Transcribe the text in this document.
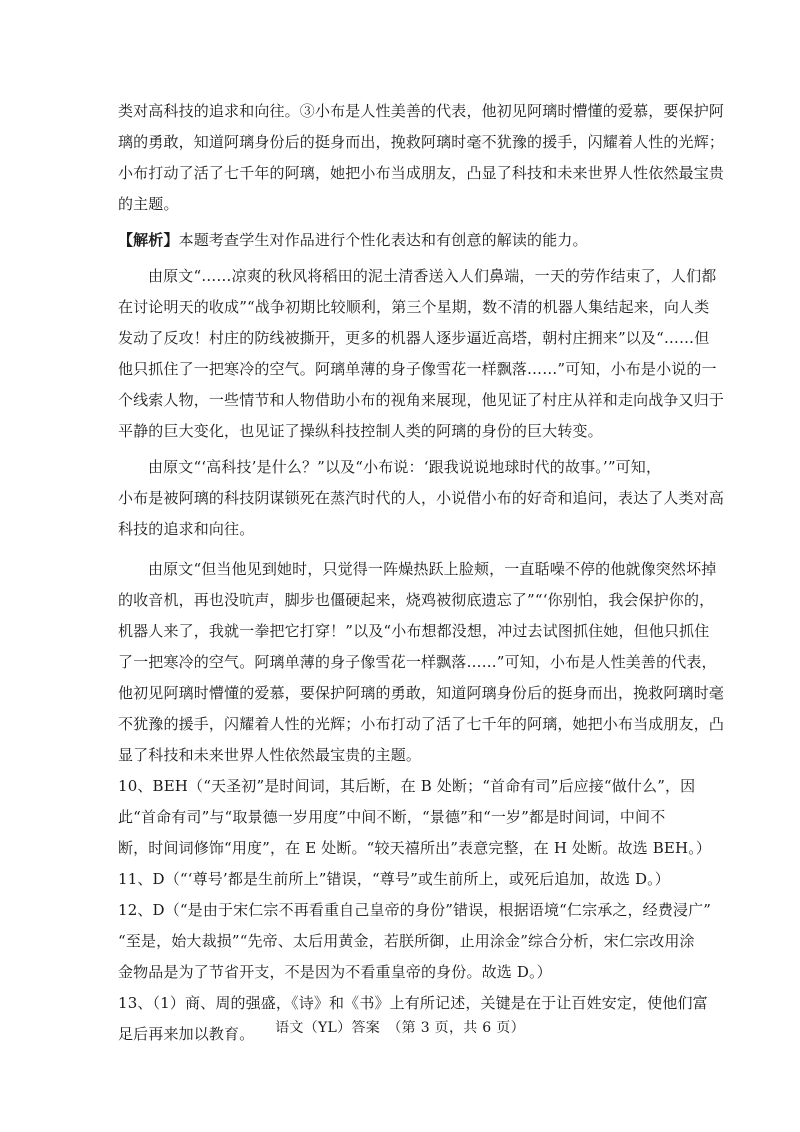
类对高科技的追求和向往。③小布是人性美善的代表，他初见阿璃时懵懂的爱慕，要保护阿
璃的勇敢，知道阿璃身份后的挺身而出，挽救阿璃时毫不犹豫的援手，闪耀着人性的光辉；
小布打动了活了七千年的阿璃，她把小布当成朋友，凸显了科技和未来世界人性依然最宝贵
的主题。
【解析】本题考查学生对作品进行个性化表达和有创意的解读的能力。
由原文“……凉爽的秋风将稻田的泥土清香送入人们鼻端，一天的劳作结束了，人们都
在讨论明天的收成”“战争初期比较顺利，第三个星期，数不清的机器人集结起来，向人类
发动了反攻！村庄的防线被撕开，更多的机器人逐步逼近高塔，朝村庄拥来”以及“……但
他只抓住了一把寒冷的空气。阿璃单薄的身子像雪花一样飘落……”可知，小布是小说的一
个线索人物，一些情节和人物借助小布的视角来展现，他见证了村庄从祥和走向战争又归于
平静的巨大变化，也见证了操纵科技控制人类的阿璃的身份的巨大转变。
由原文“‘高科技’是什么？”以及“小布说：‘跟我说说地球时代的故事。’”可知，
小布是被阿璃的科技阴谋锁死在蒸汽时代的人，小说借小布的好奇和追问，表达了人类对高
科技的追求和向往。
由原文“但当他见到她时，只觉得一阵燥热跃上脸颊，一直聒噪不停的他就像突然坏掉
的收音机，再也没吭声，脚步也僵硬起来，烧鸡被彻底遗忘了”“‘你别怕，我会保护你的，
机器人来了，我就一拳把它打穿！”以及“小布想都没想，冲过去试图抓住她，但他只抓住
了一把寒冷的空气。阿璃单薄的身子像雪花一样飘落……”可知，小布是人性美善的代表，
他初见阿璃时懵懂的爱慕，要保护阿璃的勇敢，知道阿璃身份后的挺身而出，挽救阿璃时毫
不犹豫的援手，闪耀着人性的光辉；小布打动了活了七千年的阿璃，她把小布当成朋友，凸
显了科技和未来世界人性依然最宝贵的主题。
10、BEH（“天圣初”是时间词，其后断，在 B 处断；“首命有司”后应接“做什么”，因
此“首命有司”与“取景德一岁用度”中间不断，“景德”和“一岁”都是时间词，中间不
断，时间词修饰“用度”，在 E 处断。“较天禧所出”表意完整，在 H 处断。故选 BEH。）
11、D（“‘尊号’都是生前所上”错误，“尊号”或生前所上，或死后追加，故选 D。）
12、D（“是由于宋仁宗不再看重自己皇帝的身份”错误，根据语境“仁宗承之，经费浸广”
“至是，始大裁损”“先帝、太后用黄金，若朕所御，止用涂金”综合分析，宋仁宗改用涂
金物品是为了节省开支，不是因为不看重皇帝的身份。故选 D。）
13、（1）商、周的强盛，《诗》和《书》上有所记述，关键是在于让百姓安定，使他们富
足后再来加以教育。	语文（YL）答案　（第 3 页，共 6 页）
